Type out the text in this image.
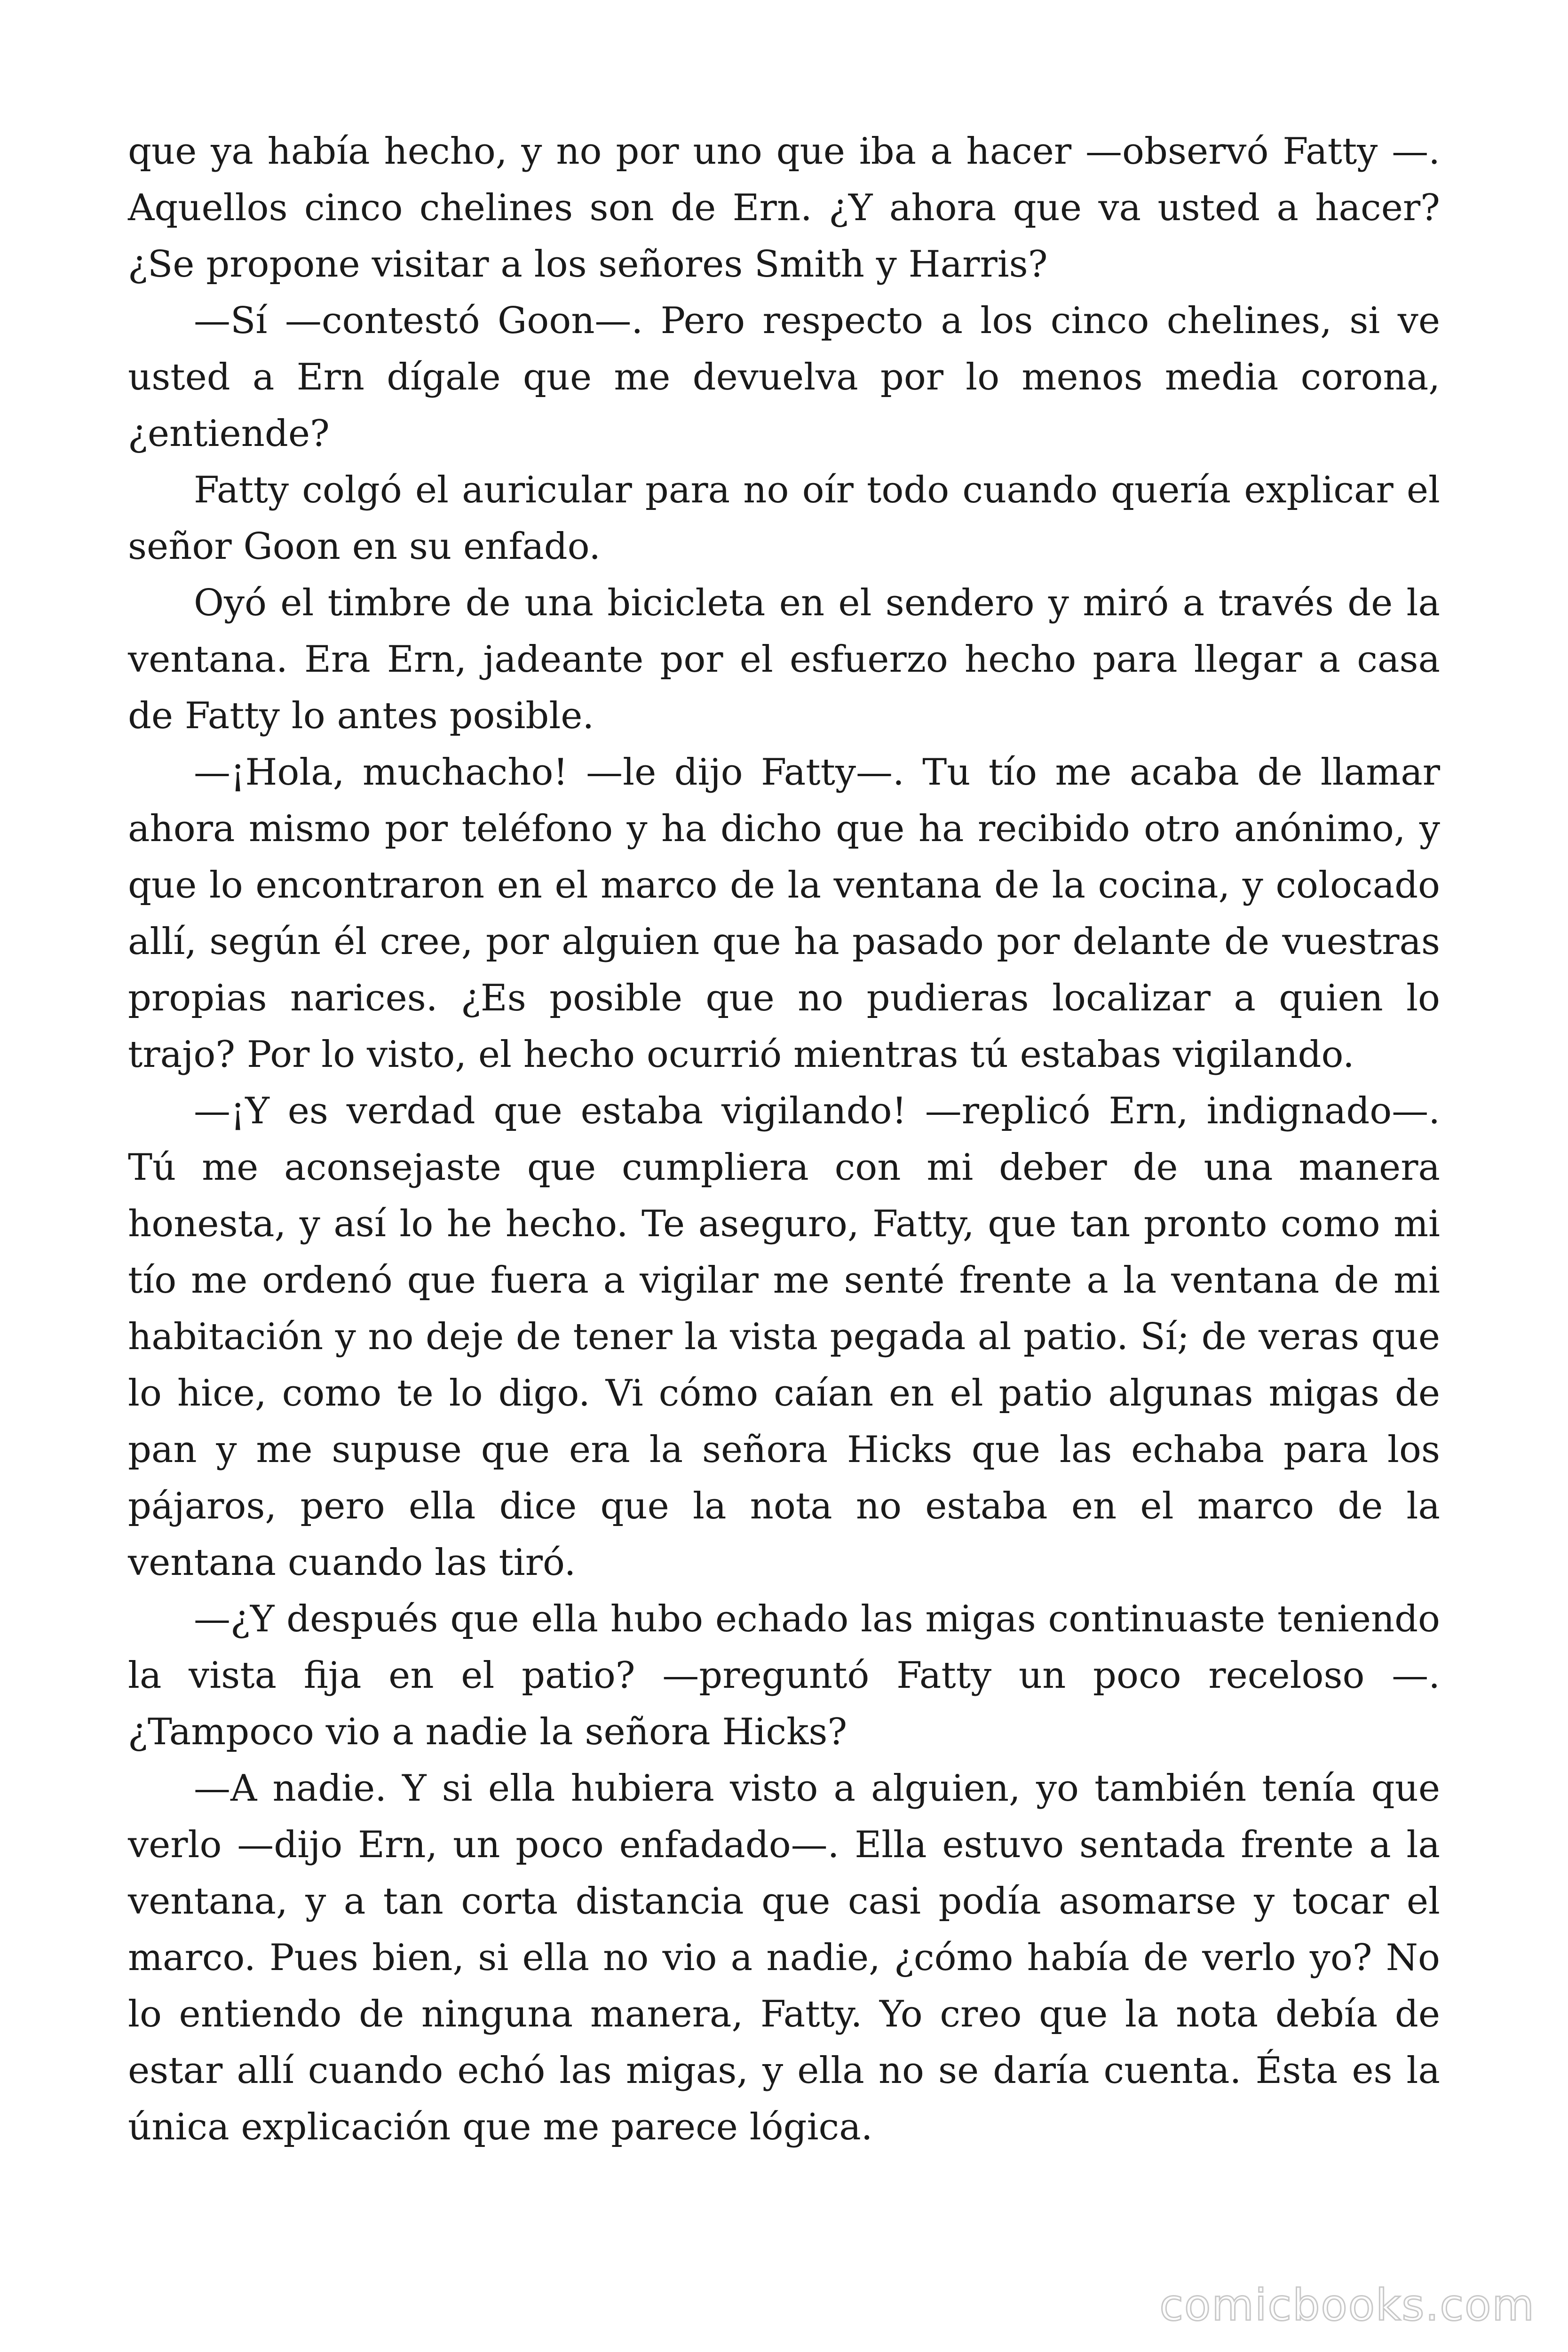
que ya había hecho, y no por uno que iba a hacer —observó Fatty —. Aquellos cinco chelines son de Ern. ¿Y ahora que va usted a hacer? ¿Se propone visitar a los señores Smith y Harris?

—Sí —contestó Goon—. Pero respecto a los cinco chelines, si ve usted a Ern dígale que me devuelva por lo menos media corona, ¿entiende?

Fatty colgó el auricular para no oír todo cuando quería explicar el señor Goon en su enfado.

Oyó el timbre de una bicicleta en el sendero y miró a través de la ventana. Era Ern, jadeante por el esfuerzo hecho para llegar a casa de Fatty lo antes posible.

—¡Hola, muchacho! —le dijo Fatty—. Tu tío me acaba de llamar ahora mismo por teléfono y ha dicho que ha recibido otro anónimo, y que lo encontraron en el marco de la ventana de la cocina, y colocado allí, según él cree, por alguien que ha pasado por delante de vuestras propias narices. ¿Es posible que no pudieras localizar a quien lo trajo? Por lo visto, el hecho ocurrió mientras tú estabas vigilando.

—¡Y es verdad que estaba vigilando! —replicó Ern, indignado—. Tú me aconsejaste que cumpliera con mi deber de una manera honesta, y así lo he hecho. Te aseguro, Fatty, que tan pronto como mi tío me ordenó que fuera a vigilar me senté frente a la ventana de mi habitación y no deje de tener la vista pegada al patio. Sí; de veras que lo hice, como te lo digo. Vi cómo caían en el patio algunas migas de pan y me supuse que era la señora Hicks que las echaba para los pájaros, pero ella dice que la nota no estaba en el marco de la ventana cuando las tiró.

—¿Y después que ella hubo echado las migas continuaste teniendo la vista fija en el patio? —preguntó Fatty un poco receloso —. ¿Tampoco vio a nadie la señora Hicks?

—A nadie. Y si ella hubiera visto a alguien, yo también tenía que verlo —dijo Ern, un poco enfadado—. Ella estuvo sentada frente a la ventana, y a tan corta distancia que casi podía asomarse y tocar el marco. Pues bien, si ella no vio a nadie, ¿cómo había de verlo yo? No lo entiendo de ninguna manera, Fatty. Yo creo que la nota debía de estar allí cuando echó las migas, y ella no se daría cuenta. Ésta es la única explicación que me parece lógica.

comicbooks.com
